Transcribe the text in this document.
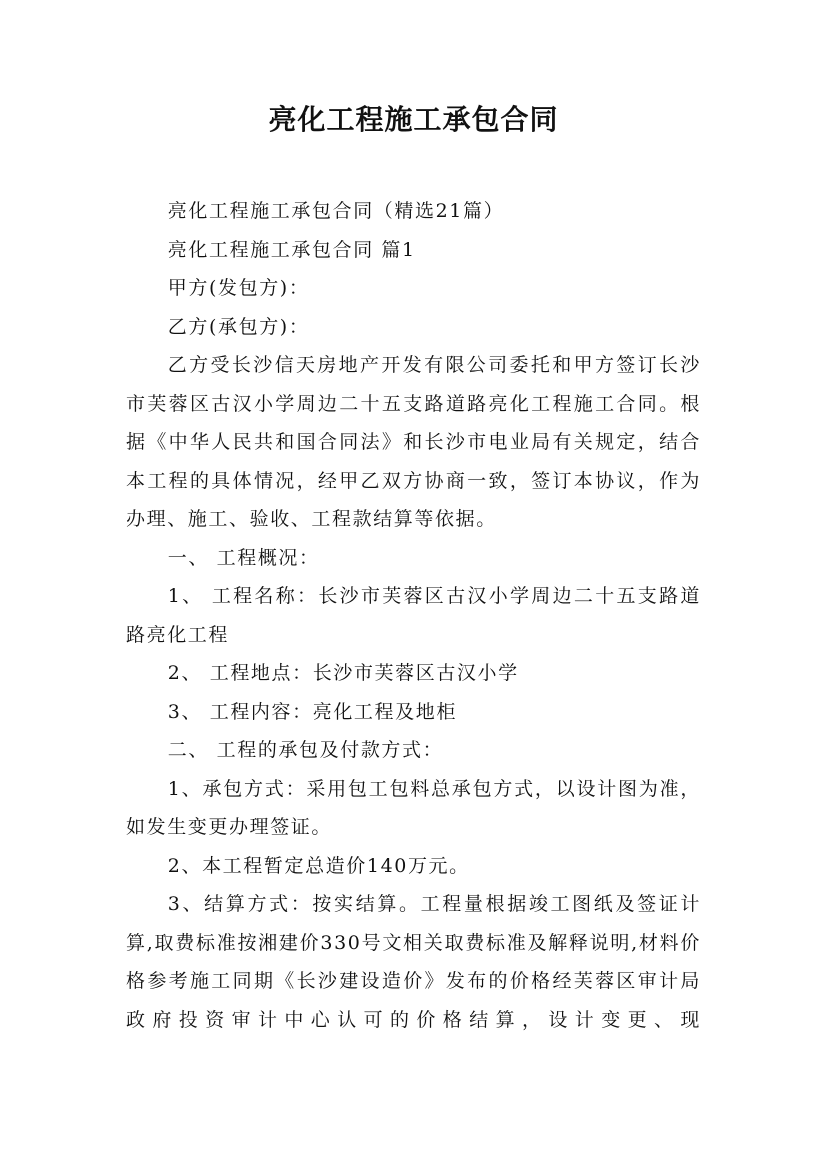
亮化工程施工承包合同

亮化工程施工承包合同（精选21篇）

亮化工程施工承包合同 篇1

甲方(发包方)：

乙方(承包方)：

乙方受长沙信天房地产开发有限公司委托和甲方签订长沙市芙蓉区古汉小学周边二十五支路道路亮化工程施工合同。根据《中华人民共和国合同法》和长沙市电业局有关规定，结合本工程的具体情况，经甲乙双方协商一致，签订本协议，作为办理、施工、验收、工程款结算等依据。

一、 工程概况：

1、 工程名称：长沙市芙蓉区古汉小学周边二十五支路道路亮化工程

2、 工程地点：长沙市芙蓉区古汉小学

3、 工程内容：亮化工程及地柜

二、 工程的承包及付款方式：

1、承包方式：采用包工包料总承包方式，以设计图为准，如发生变更办理签证。

2、本工程暂定总造价140万元。

3、结算方式：按实结算。工程量根据竣工图纸及签证计算,取费标准按湘建价330号文相关取费标准及解释说明,材料价格参考施工同期《长沙建设造价》发布的价格经芙蓉区审计局政府投资审计中心认可的价格结算，设计变更、现
